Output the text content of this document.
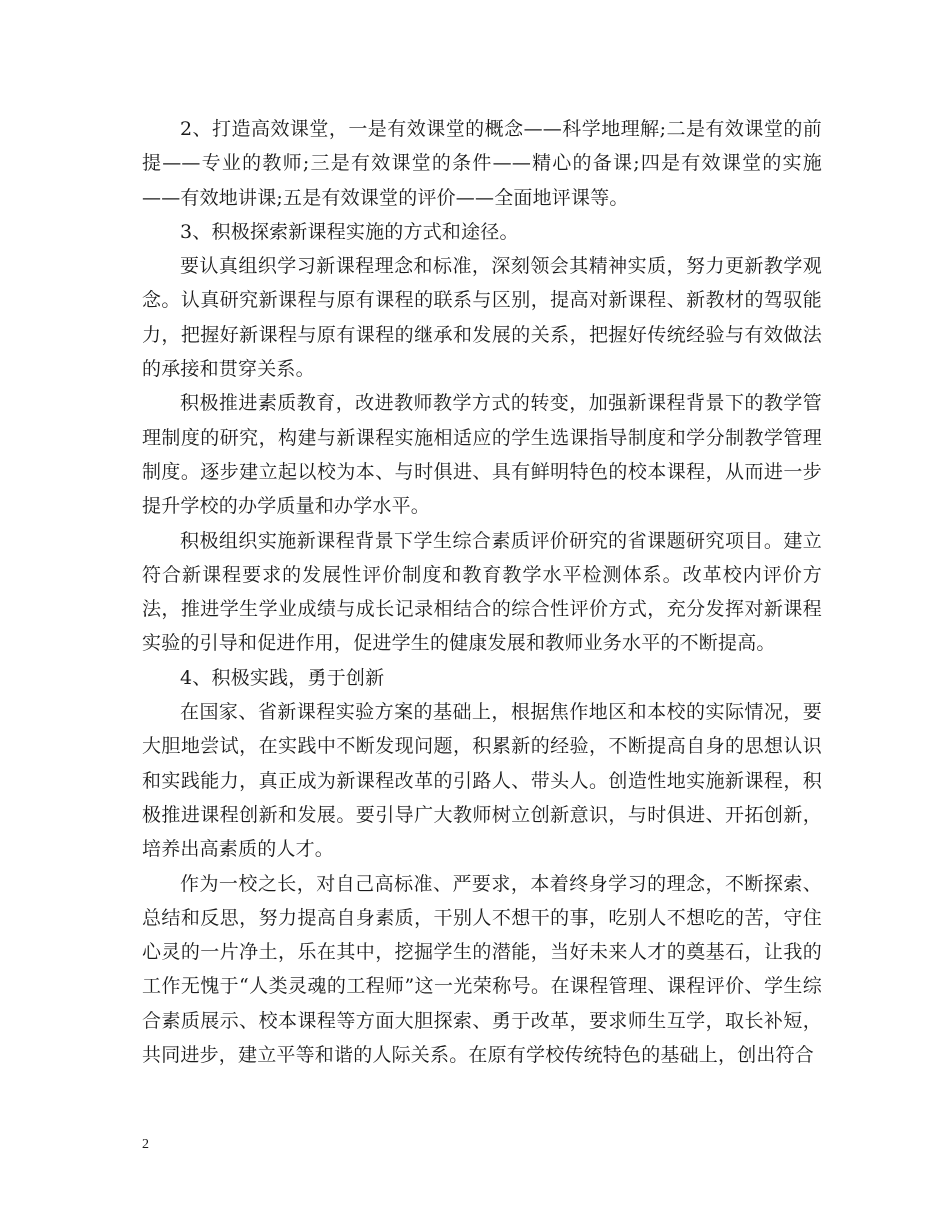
2、打造高效课堂，一是有效课堂的概念——科学地理解;二是有效课堂的前提——专业的教师;三是有效课堂的条件——精心的备课;四是有效课堂的实施——有效地讲课;五是有效课堂的评价——全面地评课等。

3、积极探索新课程实施的方式和途径。

要认真组织学习新课程理念和标准，深刻领会其精神实质，努力更新教学观念。认真研究新课程与原有课程的联系与区别，提高对新课程、新教材的驾驭能力，把握好新课程与原有课程的继承和发展的关系，把握好传统经验与有效做法的承接和贯穿关系。

积极推进素质教育，改进教师教学方式的转变，加强新课程背景下的教学管理制度的研究，构建与新课程实施相适应的学生选课指导制度和学分制教学管理制度。逐步建立起以校为本、与时俱进、具有鲜明特色的校本课程，从而进一步提升学校的办学质量和办学水平。

积极组织实施新课程背景下学生综合素质评价研究的省课题研究项目。建立符合新课程要求的发展性评价制度和教育教学水平检测体系。改革校内评价方法，推进学生学业成绩与成长记录相结合的综合性评价方式，充分发挥对新课程实验的引导和促进作用，促进学生的健康发展和教师业务水平的不断提高。

4、积极实践，勇于创新

在国家、省新课程实验方案的基础上，根据焦作地区和本校的实际情况，要大胆地尝试，在实践中不断发现问题，积累新的经验，不断提高自身的思想认识和实践能力，真正成为新课程改革的引路人、带头人。创造性地实施新课程，积极推进课程创新和发展。要引导广大教师树立创新意识，与时俱进、开拓创新，培养出高素质的人才。

作为一校之长，对自己高标准、严要求，本着终身学习的理念，不断探索、总结和反思，努力提高自身素质，干别人不想干的事，吃别人不想吃的苦，守住心灵的一片净土，乐在其中，挖掘学生的潜能，当好未来人才的奠基石，让我的工作无愧于“人类灵魂的工程师”这一光荣称号。在课程管理、课程评价、学生综合素质展示、校本课程等方面大胆探索、勇于改革，要求师生互学，取长补短，共同进步，建立平等和谐的人际关系。在原有学校传统特色的基础上，创出符合

2
